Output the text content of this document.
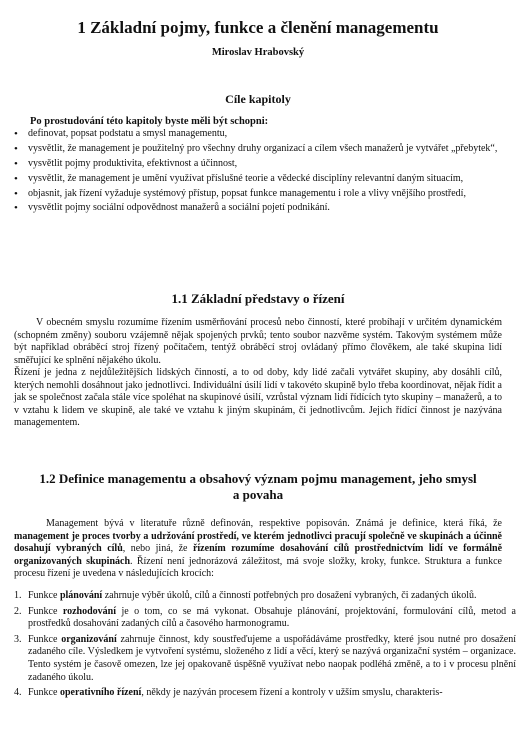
1 Základní pojmy, funkce a členění managementu
Miroslav Hrabovský
Cíle kapitoly
Po prostudování této kapitoly byste měli být schopni:
• definovat, popsat podstatu a smysl managementu,
• vysvětlit, že management je použitelný pro všechny druhy organizací a cílem všech manažerů je vytvářet „přebytek“,
• vysvětlit pojmy produktivita, efektivnost a účinnost,
• vysvětlit, že management je umění využívat příslušné teorie a vědecké disciplíny relevantní daným situacím,
• objasnit, jak řízení vyžaduje systémový přístup, popsat funkce managementu i role a vlivy vnějšího prostředí,
• vysvětlit pojmy sociální odpovědnost manažerů a sociální pojetí podnikání.
1.1 Základní představy o řízení

V obecném smyslu rozumíme řízením usměrňování procesů nebo činností, které probíhají v určitém dynamickém (schopném změny) souboru vzájemně nějak spojených prvků; tento soubor nazvěme systém. Takovým systémem může být například obráběcí stroj řízený počítačem, tentýž obráběcí stroj ovládaný přímo člověkem, ale také skupina lidí směřující ke splnění nějakého úkolu.

Řízení je jedna z nejdůležitějších lidských činností, a to od doby, kdy lidé začali vytvářet skupiny, aby dosáhli cílů, kterých nemohli dosáhnout jako jednotlivci. Individuální úsilí lidí v takovéto skupině bylo třeba koordinovat, nějak řídit a jak se společnost začala stále více spoléhat na skupinové úsilí, vzrůstal význam lidí řídících tyto skupiny – manažerů, a to v vztahu k lidem ve skupině, ale také ve vztahu k jiným skupinám, či jednotlivcům. Jejich řídící činnost je nazývána managementem.

1.2 Definice managementu a obsahový význam pojmu management, jeho smysl
a povaha

Management bývá v literatuře různě definován, respektive popisován. Známá je definice, která říká, že management je proces tvorby a udržování prostředí, ve kterém jednotlivci pracují společně ve skupinách a účinně dosahují vybraných cílů, nebo jiná, že řízením rozumíme dosahování cílů prostřednictvím lidí ve formálně organizovaných skupinách. Řízení není jednorázová záležitost, má svoje složky, kroky, funkce. Struktura a funkce procesu řízení je uvedena v následujících krocích:

1. Funkce plánování zahrnuje výběr úkolů, cílů a činností potřebných pro dosažení vybraných, či zadaných úkolů.
2. Funkce rozhodování je o tom, co se má vykonat. Obsahuje plánování, projektování, formulování cílů, metod a prostředků dosahování zadaných cílů a časového harmonogramu.
3. Funkce organizování zahrnuje činnost, kdy soustřeďujeme a uspořádáváme prostředky, které jsou nutné pro dosažení zadaného cíle. Výsledkem je vytvoření systému, složeného z lidí a věcí, který se nazývá organizační systém – organizace. Tento systém je časově omezen, lze jej opakovaně úspěšně využívat nebo naopak podléhá změně, a to i v procesu plnění zadaného úkolu.
4. Funkce operativního řízení, někdy je nazýván procesem řízení a kontroly v užším smyslu, charakteris-
